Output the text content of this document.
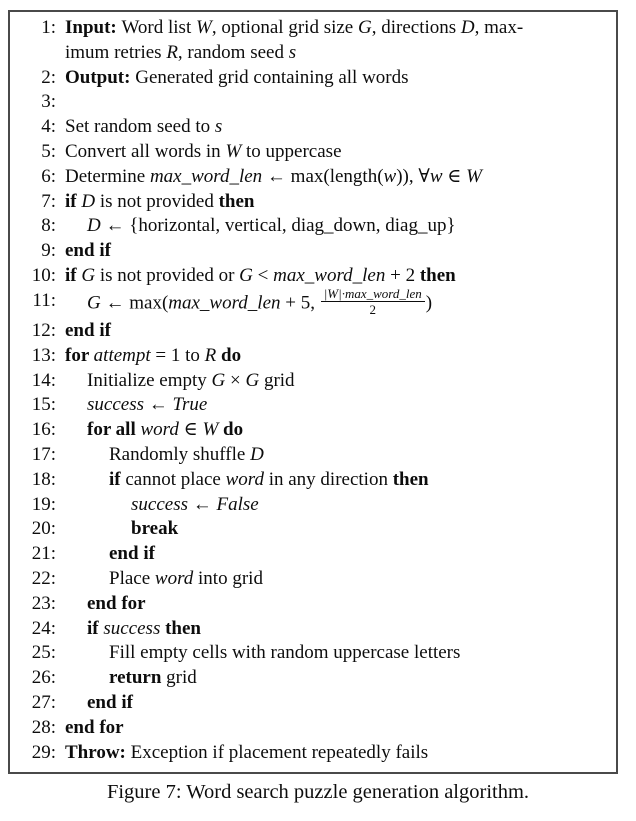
1: Input: Word list W, optional grid size G, directions D, max-
imum retries R, random seed s
2: Output: Generated grid containing all words
3:
4: Set random seed to s
5: Convert all words in W to uppercase
6: Determine max_word_len ← max(length(w)), ∀w ∈ W
7: if D is not provided then
8:	D ← {horizontal, vertical, diag_down, diag_up}
9: end if
10: if G is not provided or G < max_word_len + 2 then
11:	G ← max(max_word_len + 5, $\frac{\text{|W|·max\_word\_len}}{2}$ )
12: end if
13: for attempt = 1 to R do
14:	Initialize empty G × G grid
15:	success ← True
16:	for all word ∈ W do
17:	Randomly shuffle D
18:	if cannot place word in any direction then
19:	success ← False
20:	break
21:	end if
22:	Place word into grid
23:	end for
24:	if success then
25:	Fill empty cells with random uppercase letters
26:	return grid
27:	end if
28: end for
29: Throw: Exception if placement repeatedly fails
Figure 7: Word search puzzle generation algorithm.
